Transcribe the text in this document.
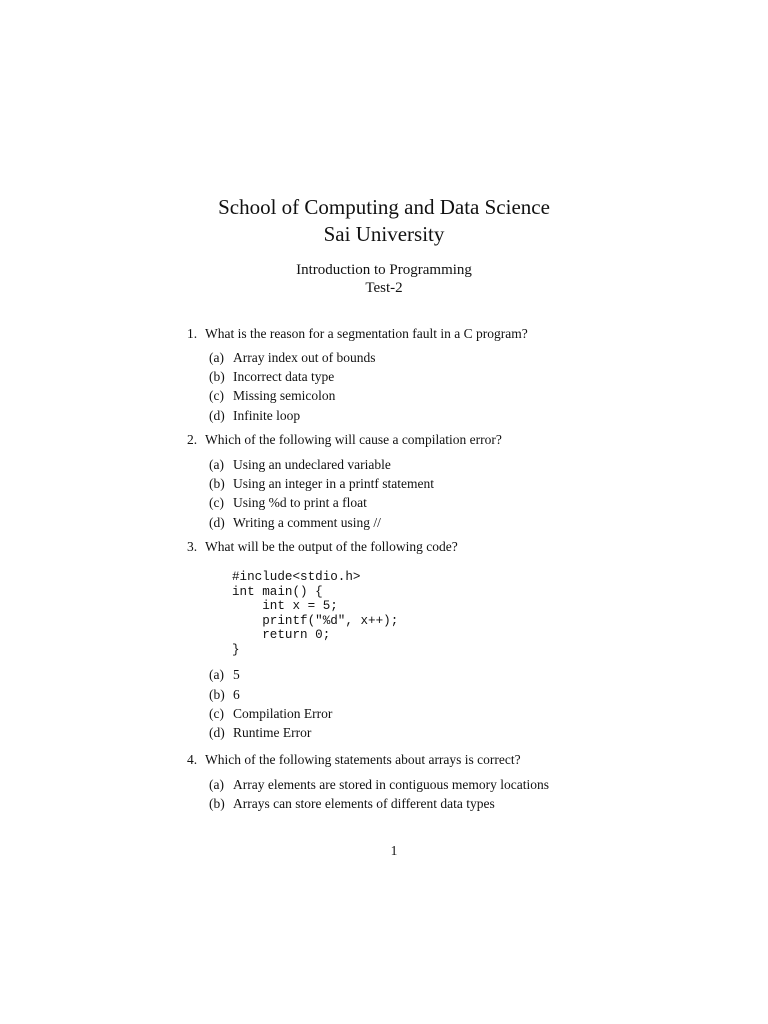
School of Computing and Data Science
Sai University
Introduction to Programming
Test-2
1. What is the reason for a segmentation fault in a C program?
(a) Array index out of bounds
(b) Incorrect data type
(c) Missing semicolon
(d) Infinite loop
2. Which of the following will cause a compilation error?
(a) Using an undeclared variable
(b) Using an integer in a printf statement
(c) Using %d to print a float
(d) Writing a comment using //
3. What will be the output of the following code?
#include<stdio.h>
int main() {
int x = 5;
printf("%d", x++);
return 0;
}
(a) 5
(b) 6
(c) Compilation Error
(d) Runtime Error
4. Which of the following statements about arrays is correct?
(a) Array elements are stored in contiguous memory locations
(b) Arrays can store elements of different data types
1
